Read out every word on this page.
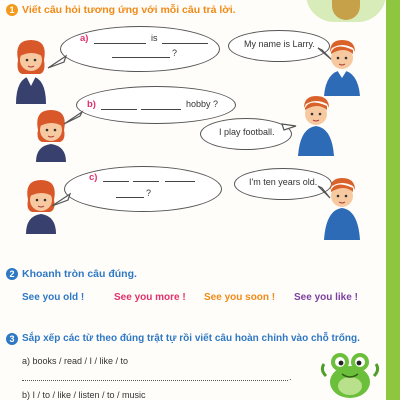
1 Viết câu hỏi tương ứng với mỗi câu trả lời.
a)	is
?
My name is Larry.
b)	hobby ?
I play football.
c)
?
I'm ten years old.
2 Khoanh tròn câu đúng.
See you old !	See you more ! See you soon ! See you like !
3 Sắp xếp các từ theo đúng trật tự rồi viết câu hoàn chỉnh vào chỗ trống.
a) books / read / I / like / to
.
b) I / to / like / listen / to / music
